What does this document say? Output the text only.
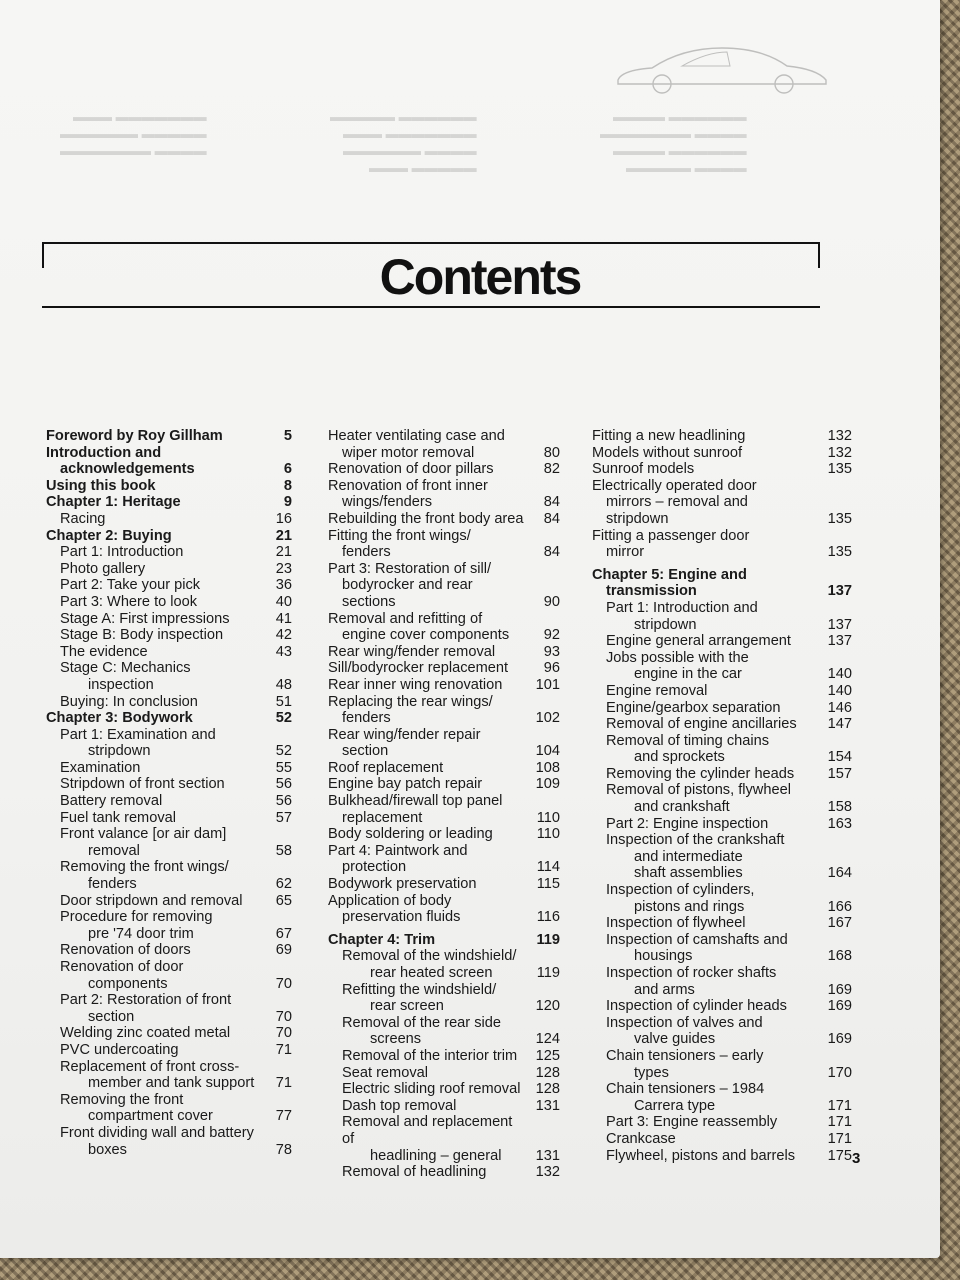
▬▬▬▬▬▬▬ ▬▬▬
▬▬▬▬▬ ▬▬▬▬▬▬
▬▬▬▬ ▬▬▬▬▬▬▬
▬▬▬▬▬▬ ▬▬▬▬▬
▬▬▬▬▬▬▬ ▬▬▬
▬▬▬▬ ▬▬▬▬▬▬
▬▬▬▬▬ ▬▬▬
▬▬▬▬▬▬ ▬▬▬▬
▬▬▬▬ ▬▬▬▬▬▬▬
▬▬▬▬▬▬ ▬▬▬▬
▬▬▬▬ ▬▬▬▬▬
Contents
Foreword by Roy Gillham	5
Introduction and
acknowledgements	6
Using this book	8
Chapter 1: Heritage	9
Racing	16
Chapter 2: Buying	21
Part 1: Introduction	21
Photo gallery	23
Part 2: Take your pick	36
Part 3: Where to look	40
Stage A: First impressions	41
Stage B: Body inspection	42
The evidence	43
Stage C: Mechanics
inspection	48
Buying: In conclusion	51
Chapter 3: Bodywork	52
Part 1: Examination and
stripdown	52
Examination	55
Stripdown of front section	56
Battery removal	56
Fuel tank removal	57
Front valance [or air dam]
removal	58
Removing the front wings/
fenders	62
Door stripdown and removal	65
Procedure for removing
pre '74 door trim	67
Renovation of doors	69
Renovation of door
components	70
Part 2: Restoration of front
section	70
Welding zinc coated metal	70
PVC undercoating	71
Replacement of front cross-
member and tank support	71
Removing the front
compartment cover	77
Front dividing wall and battery
boxes	78
Heater ventilating case and
wiper motor removal	80
Renovation of door pillars	82
Renovation of front inner
wings/fenders	84
Rebuilding the front body area	84
Fitting the front wings/
fenders	84
Part 3: Restoration of sill/
bodyrocker and rear
sections	90
Removal and refitting of
engine cover components	92
Rear wing/fender removal	93
Sill/bodyrocker replacement	96
Rear inner wing renovation	101
Replacing the rear wings/
fenders	102
Rear wing/fender repair
section	104
Roof replacement	108
Engine bay patch repair	109
Bulkhead/firewall top panel
replacement	110
Body soldering or leading	110
Part 4: Paintwork and
protection	114
Bodywork preservation	115
Application of body
preservation fluids	116
Chapter 4: Trim	119
Removal of the windshield/
rear heated screen	119
Refitting the windshield/
rear screen	120
Removal of the rear side
screens	124
Removal of the interior trim	125
Seat removal	128
Electric sliding roof removal	128
Dash top removal	131
Removal and replacement of
headlining – general	131
Removal of headlining	132
Fitting a new headlining	132
Models without sunroof	132
Sunroof models	135
Electrically operated door
mirrors – removal and
stripdown	135
Fitting a passenger door
mirror	135
Chapter 5: Engine and
transmission	137
Part 1: Introduction and
stripdown	137
Engine general arrangement	137
Jobs possible with the
engine in the car	140
Engine removal	140
Engine/gearbox separation	146
Removal of engine ancillaries	147
Removal of timing chains
and sprockets	154
Removing the cylinder heads	157
Removal of pistons, flywheel
and crankshaft	158
Part 2: Engine inspection	163
Inspection of the crankshaft
and intermediate
shaft assemblies	164
Inspection of cylinders,
pistons and rings	166
Inspection of flywheel	167
Inspection of camshafts and
housings	168
Inspection of rocker shafts
and arms	169
Inspection of cylinder heads	169
Inspection of valves and
valve guides	169
Chain tensioners – early
types	170
Chain tensioners – 1984
Carrera type	171
Part 3: Engine reassembly	171
Crankcase	171
Flywheel, pistons and barrels	175 3
